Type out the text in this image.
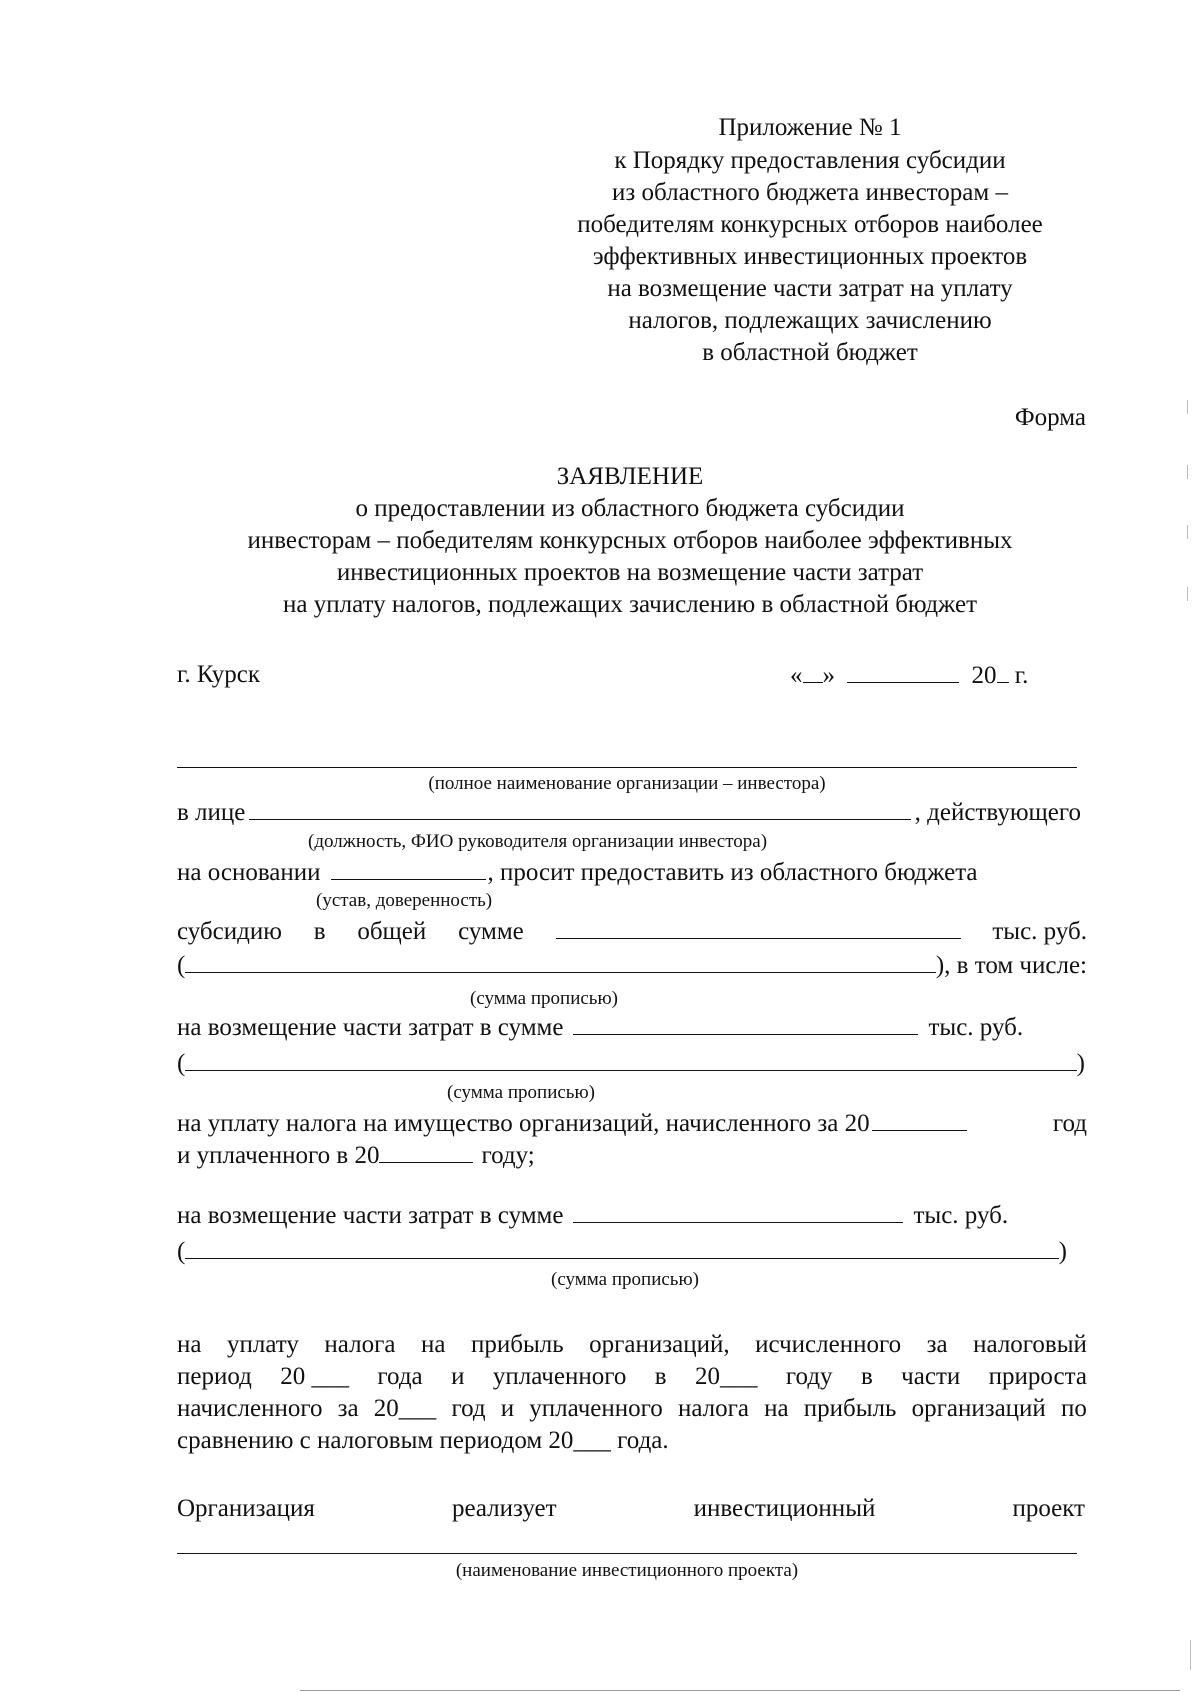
Приложение № 1
к Порядку предоставления субсидии
из областного бюджета инвесторам –
победителям конкурсных отборов наиболее
эффективных инвестиционных проектов
на возмещение части затрат на уплату
налогов, подлежащих зачислению
в областной бюджет
Форма
ЗАЯВЛЕНИЕ
о предоставлении из областного бюджета субсидии
инвесторам – победителям конкурсных отборов наиболее эффективных
инвестиционных проектов на возмещение части затрат
на уплату налогов, подлежащих зачислению в областной бюджет
г. Курск	« »	20 г.
(полное наименование организации – инвестора)
в лице	, действующего
(должность, ФИО руководителя организации инвестора)
на основании	, просит предоставить из областного бюджета
(устав, доверенность)
субсидию в общей сумме	тыс. руб.
(	), в том числе:
(сумма прописью)
на возмещение части затрат в сумме	тыс. руб.
(	)
(сумма прописью)
на уплату налога на имущество организаций, начисленного за 20	год
и уплаченного в 20	году;
на возмещение части затрат в сумме	тыс. руб.
(	)
(сумма прописью)
на уплату налога на прибыль организаций, исчисленного за налоговый
период 20 ___ года и уплаченного в 20___ году в части прироста
начисленного за 20___ год и уплаченного налога на прибыль организаций по
сравнению с налоговым периодом 20___ года.
Организация	реализует	инвестиционный	проект
(наименование инвестиционного проекта)
